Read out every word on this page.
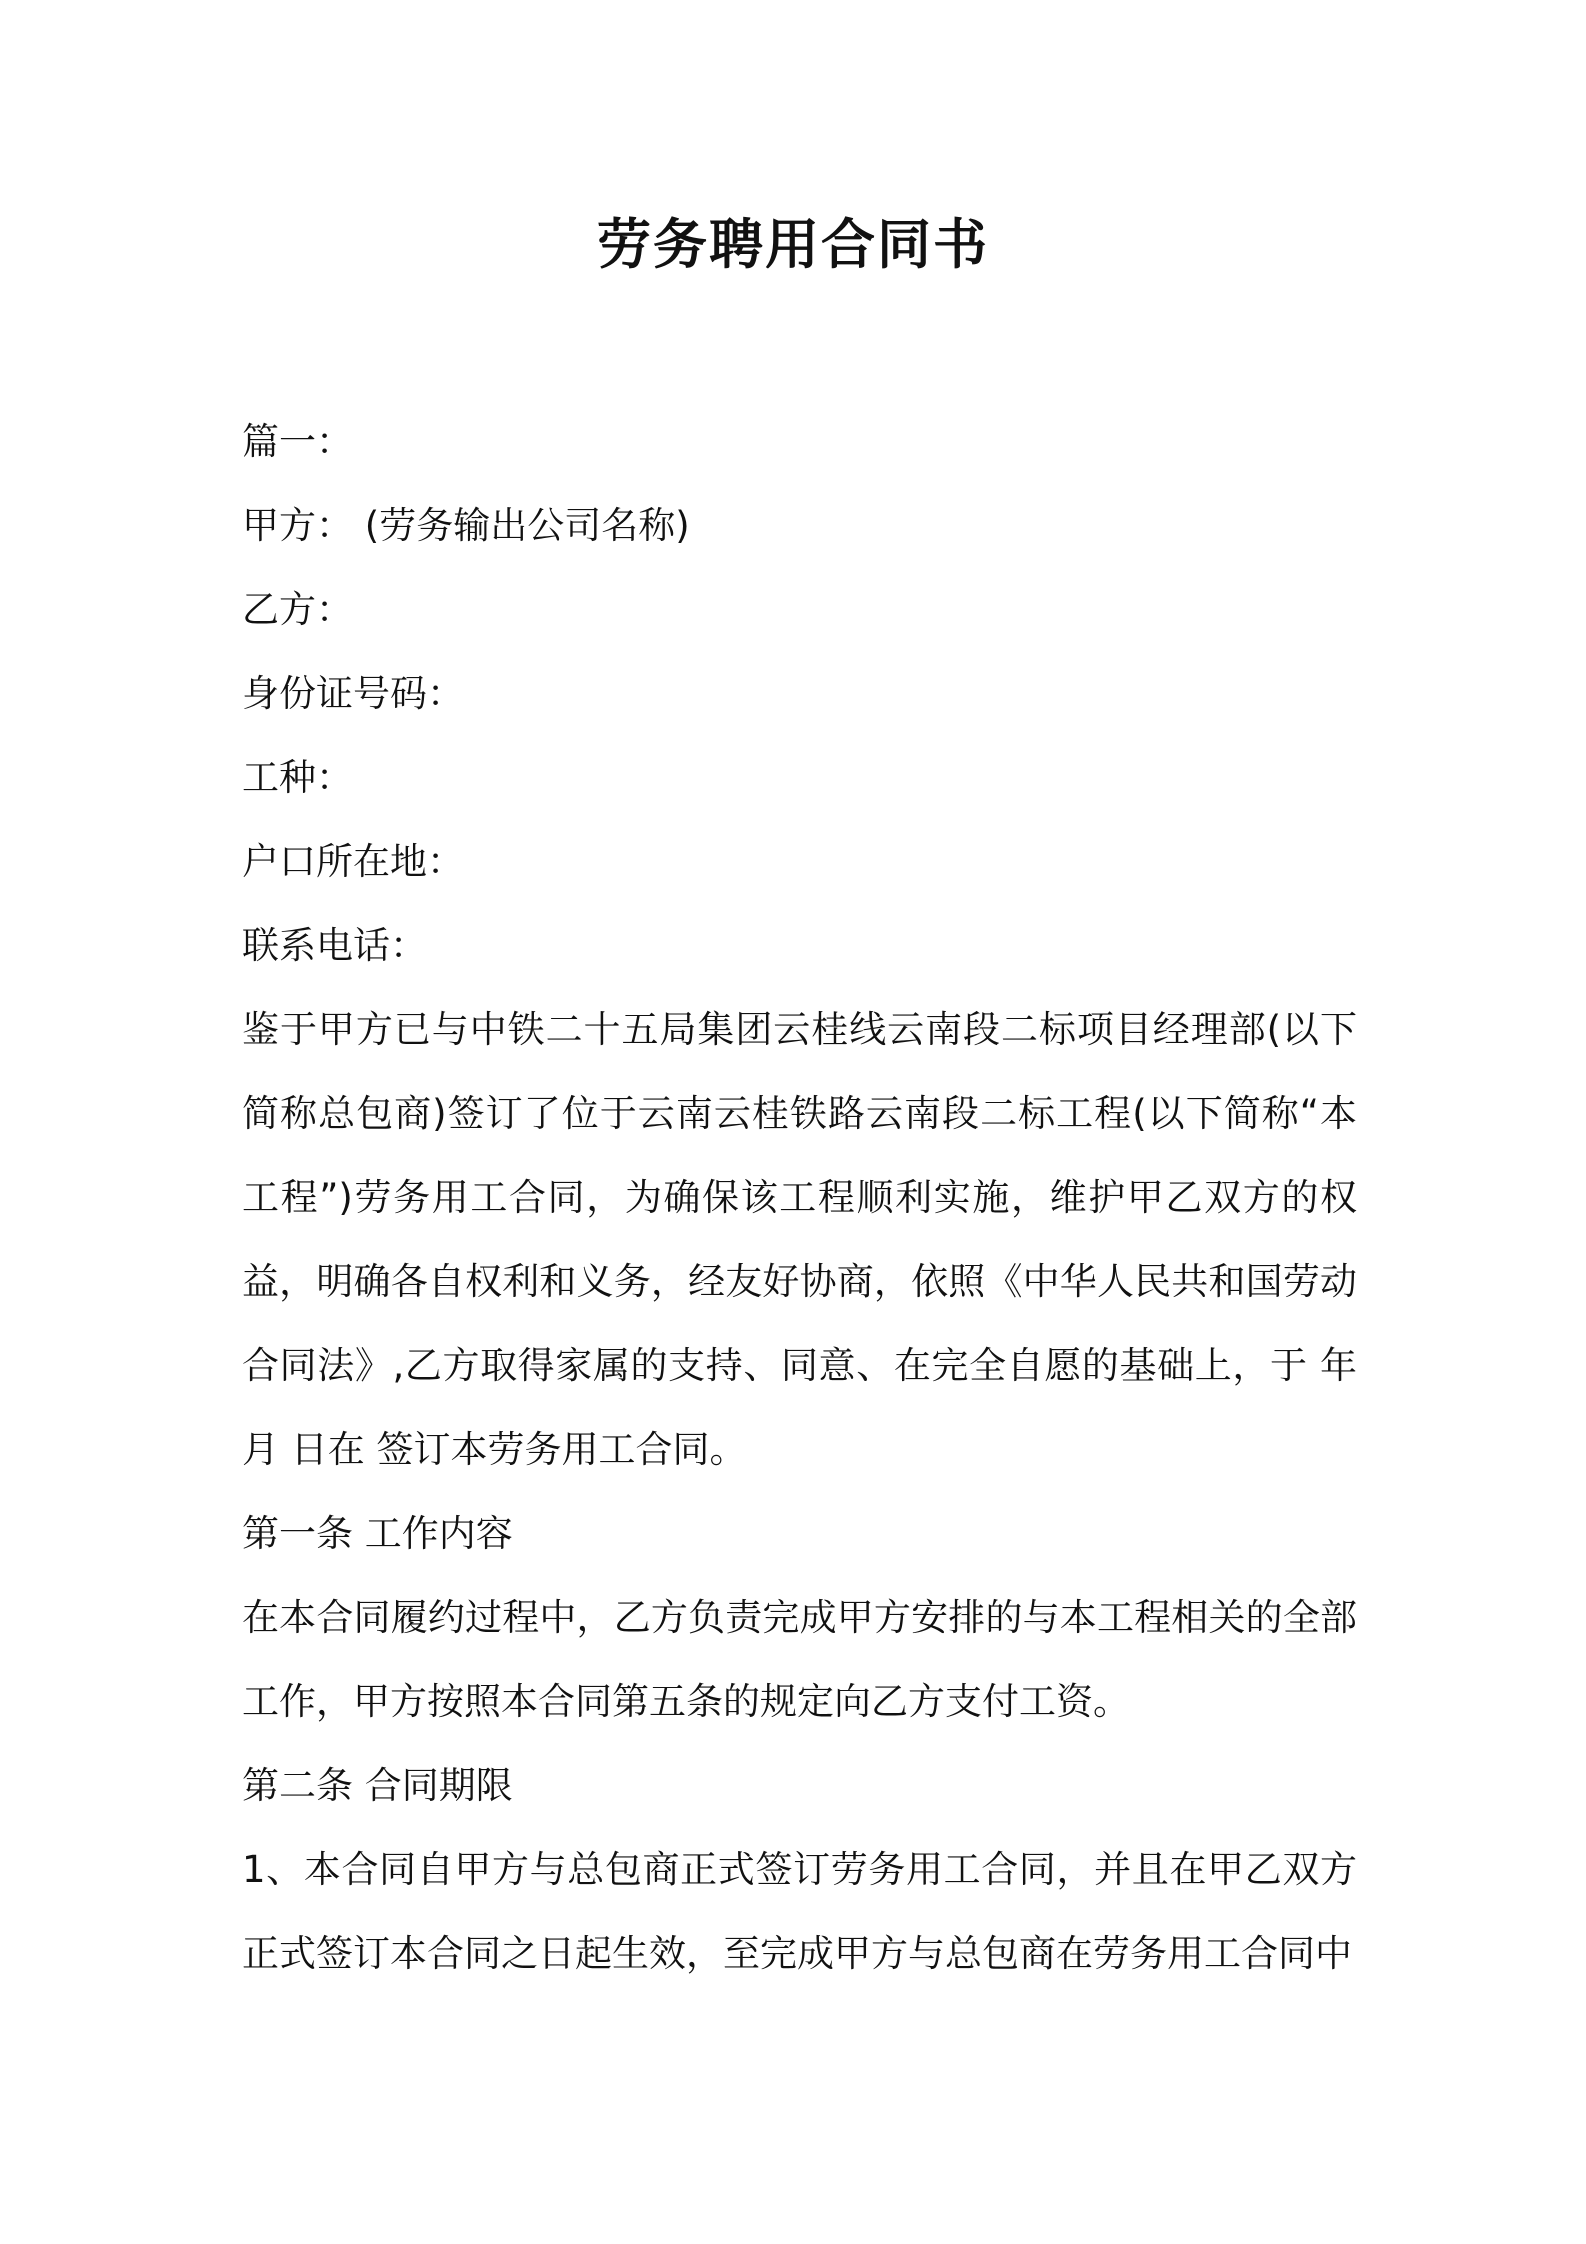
劳务聘用合同书

篇一：

甲方： (劳务输出公司名称)

乙方：

身份证号码：

工种：

户口所在地：

联系电话：

鉴于甲方已与中铁二十五局集团云桂线云南段二标项目经理部(以下简称总包商)签订了位于云南云桂铁路云南段二标工程(以下简称“本工程”)劳务用工合同，为确保该工程顺利实施，维护甲乙双方的权益，明确各自权利和义务，经友好协商，依照《中华人民共和国劳动合同法》,乙方取得家属的支持、同意、在完全自愿的基础上，于 年 月 日在 签订本劳务用工合同。

第一条 工作内容

在本合同履约过程中，乙方负责完成甲方安排的与本工程相关的全部工作，甲方按照本合同第五条的规定向乙方支付工资。

第二条 合同期限

1、本合同自甲方与总包商正式签订劳务用工合同，并且在甲乙双方正式签订本合同之日起生效，至完成甲方与总包商在劳务用工合同中
